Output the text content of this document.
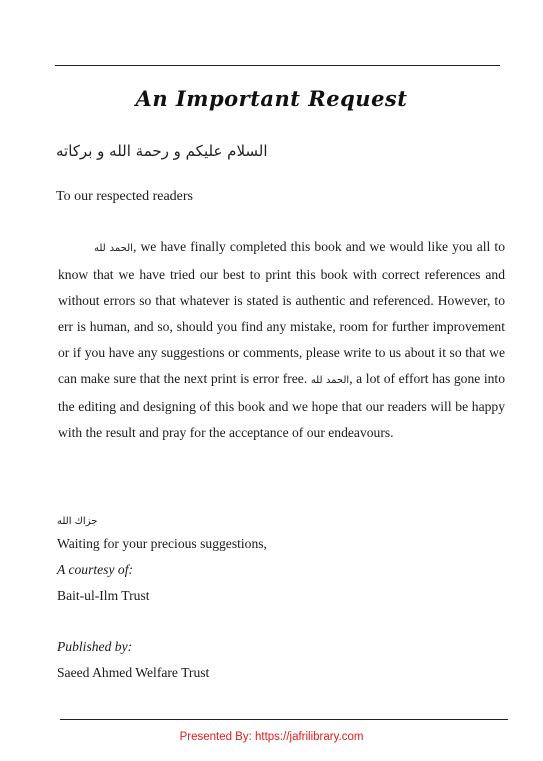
An Important Request
السلام علیکم و رحمة الله و برکاته
To our respected readers

الحمد لله, we have finally completed this book and we would like you all to know that we have tried our best to print this book with correct references and without errors so that whatever is stated is authentic and referenced. However, to err is human, and so, should you find any mistake, room for further improvement or if you have any suggestions or comments, please write to us about it so that we can make sure that the next print is error free. الحمد لله, a lot of effort has gone into the editing and designing of this book and we hope that our readers will be happy with the result and pray for the acceptance of our endeavours.

جزاك الله
Waiting for your precious suggestions,
A courtesy of:
Bait-ul-Ilm Trust
Published by:
Saeed Ahmed Welfare Trust
Presented By: https://jafrilibrary.com
